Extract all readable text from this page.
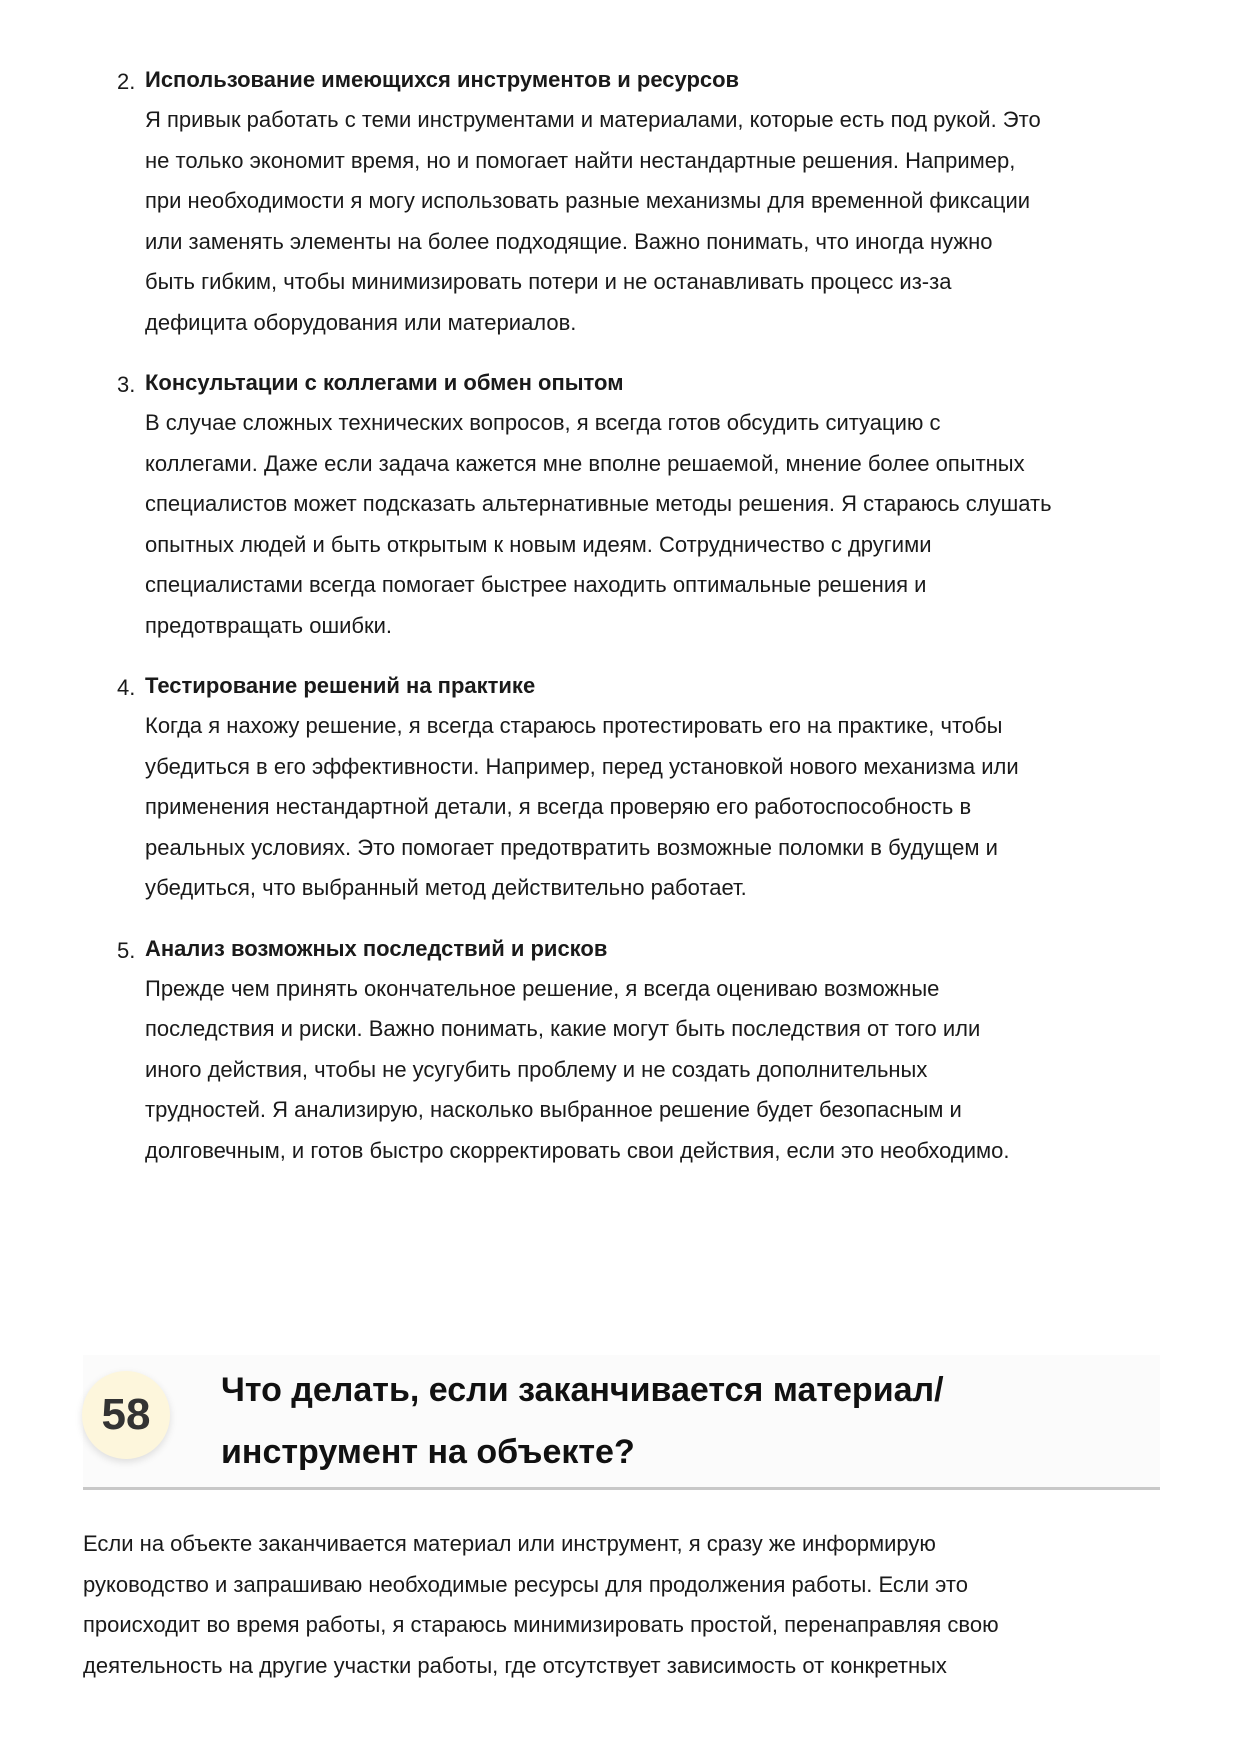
2. Использование имеющихся инструментов и ресурсов
Я привык работать с теми инструментами и материалами, которые есть под рукой. Это
не только экономит время, но и помогает найти нестандартные решения. Например,
при необходимости я могу использовать разные механизмы для временной фиксации
или заменять элементы на более подходящие. Важно понимать, что иногда нужно
быть гибким, чтобы минимизировать потери и не останавливать процесс из-за
дефицита оборудования или материалов.
3. Консультации с коллегами и обмен опытом
В случае сложных технических вопросов, я всегда готов обсудить ситуацию с
коллегами. Даже если задача кажется мне вполне решаемой, мнение более опытных
специалистов может подсказать альтернативные методы решения. Я стараюсь слушать
опытных людей и быть открытым к новым идеям. Сотрудничество с другими
специалистами всегда помогает быстрее находить оптимальные решения и
предотвращать ошибки.
4. Тестирование решений на практике
Когда я нахожу решение, я всегда стараюсь протестировать его на практике, чтобы
убедиться в его эффективности. Например, перед установкой нового механизма или
применения нестандартной детали, я всегда проверяю его работоспособность в
реальных условиях. Это помогает предотвратить возможные поломки в будущем и
убедиться, что выбранный метод действительно работает.
5. Анализ возможных последствий и рисков
Прежде чем принять окончательное решение, я всегда оцениваю возможные
последствия и риски. Важно понимать, какие могут быть последствия от того или
иного действия, чтобы не усугубить проблему и не создать дополнительных
трудностей. Я анализирую, насколько выбранное решение будет безопасным и
долговечным, и готов быстро скорректировать свои действия, если это необходимо.
58	Что делать, если заканчивается материал/
инструмент на объекте?
Если на объекте заканчивается материал или инструмент, я сразу же информирую
руководство и запрашиваю необходимые ресурсы для продолжения работы. Если это
происходит во время работы, я стараюсь минимизировать простой, перенаправляя свою
деятельность на другие участки работы, где отсутствует зависимость от конкретных
